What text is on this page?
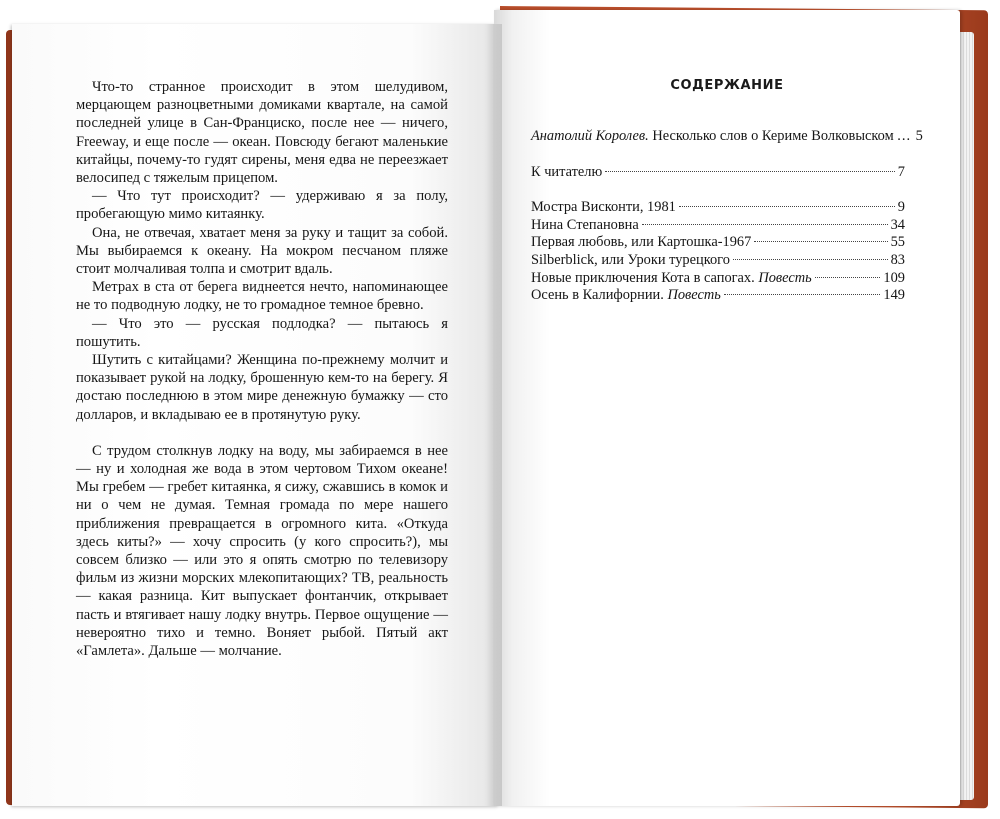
Что-то странное происходит в этом шелудивом, мерцающем разноцветными домиками квартале, на самой последней улице в Сан-Франциско, после нее — ничего, Freeway, и еще после — океан. Повсюду бегают маленькие китайцы, почему-то гудят сирены, меня едва не переезжает велосипед с тяжелым прицепом.

— Что тут происходит? — удерживаю я за полу, пробегающую мимо китаянку.

Она, не отвечая, хватает меня за руку и тащит за собой. Мы выбираемся к океану. На мокром песчаном пляже стоит молчаливая толпа и смотрит вдаль.

Метрах в ста от берега виднеется нечто, напоминающее не то подводную лодку, не то громадное темное бревно.

— Что это — русская подлодка? — пытаюсь я пошутить.

Шутить с китайцами? Женщина по-прежнему молчит и показывает рукой на лодку, брошенную кем-то на берегу. Я достаю последнюю в этом мире денежную бумажку — сто долларов, и вкладываю ее в протянутую руку.

С трудом столкнув лодку на воду, мы забираемся в нее — ну и холодная же вода в этом чертовом Тихом океане! Мы гребем — гребет китаянка, я сижу, сжавшись в комок и ни о чем не думая. Темная громада по мере нашего приближения превращается в огромного кита. «Откуда здесь киты?» — хочу спросить (у кого спросить?), мы совсем близко — или это я опять смотрю по телевизору фильм из жизни морских млекопитающих? ТВ, реальность — какая разница. Кит выпускает фонтанчик, открывает пасть и втягивает нашу лодку внутрь. Первое ощущение — невероятно тихо и темно. Воняет рыбой. Пятый акт «Гамлета». Дальше — молчание.

СОДЕРЖАНИЕ
Анатолий Королев. Несколько слов о Кериме Волковыском ... 5
К читателю	7
Мостра Висконти, 1981	9
Нина Степановна	34
Первая любовь, или Картошка-1967	55
Silberblick, или Уроки турецкого	83
Новые приключения Кота в сапогах. Повесть	109
Осень в Калифорнии. Повесть	149
